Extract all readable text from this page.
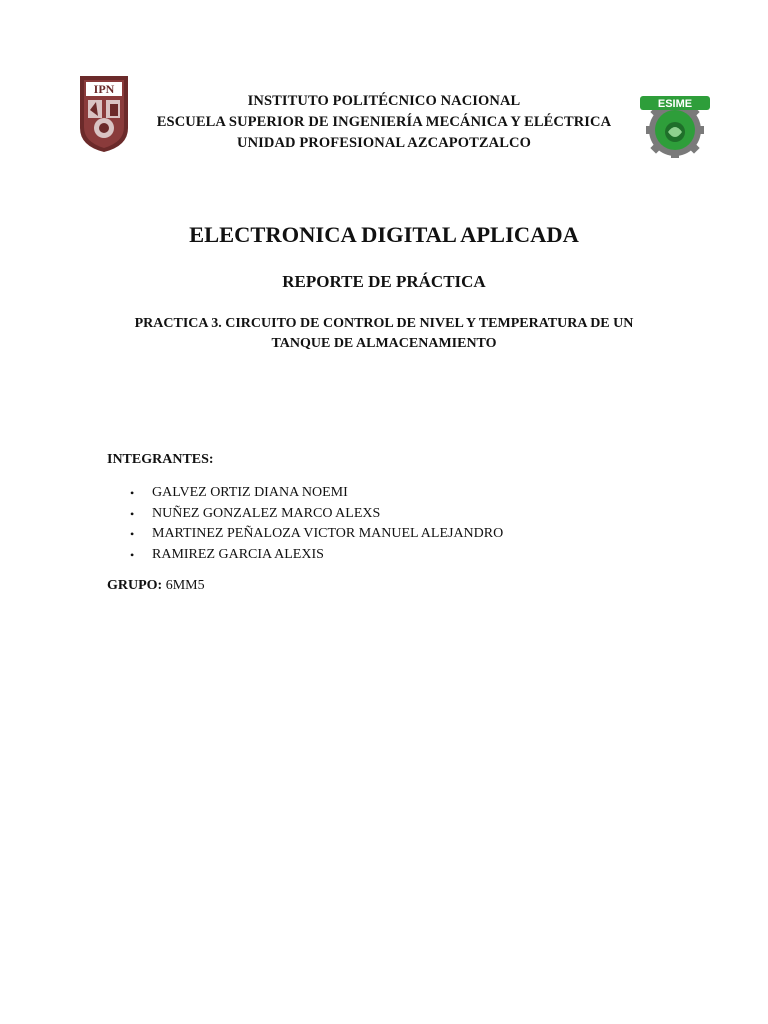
IPN
ESIME
INSTITUTO POLITÉCNICO NACIONAL
ESCUELA SUPERIOR DE INGENIERÍA MECÁNICA Y ELÉCTRICA
UNIDAD PROFESIONAL AZCAPOTZALCO
ELECTRONICA DIGITAL APLICADA
REPORTE DE PRÁCTICA
PRACTICA 3. CIRCUITO DE CONTROL DE NIVEL Y TEMPERATURA DE UN
TANQUE DE ALMACENAMIENTO
INTEGRANTES:
• GALVEZ ORTIZ DIANA NOEMI
• NUÑEZ GONZALEZ MARCO ALEXS
• MARTINEZ PEÑALOZA VICTOR MANUEL ALEJANDRO
• RAMIREZ GARCIA ALEXIS
GRUPO: 6MM5
